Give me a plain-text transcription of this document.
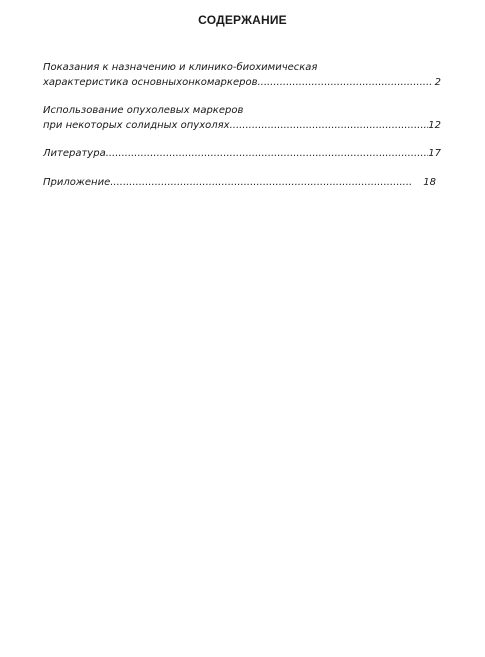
СОДЕРЖАНИЕ
Показания к назначению и клинико-биохимическая
характеристика основныхонкомаркеров .....	2
Использование опухолевых маркеров
при некоторых солидных опухолях .....	12
Литература .....	17
Приложение .....	18
